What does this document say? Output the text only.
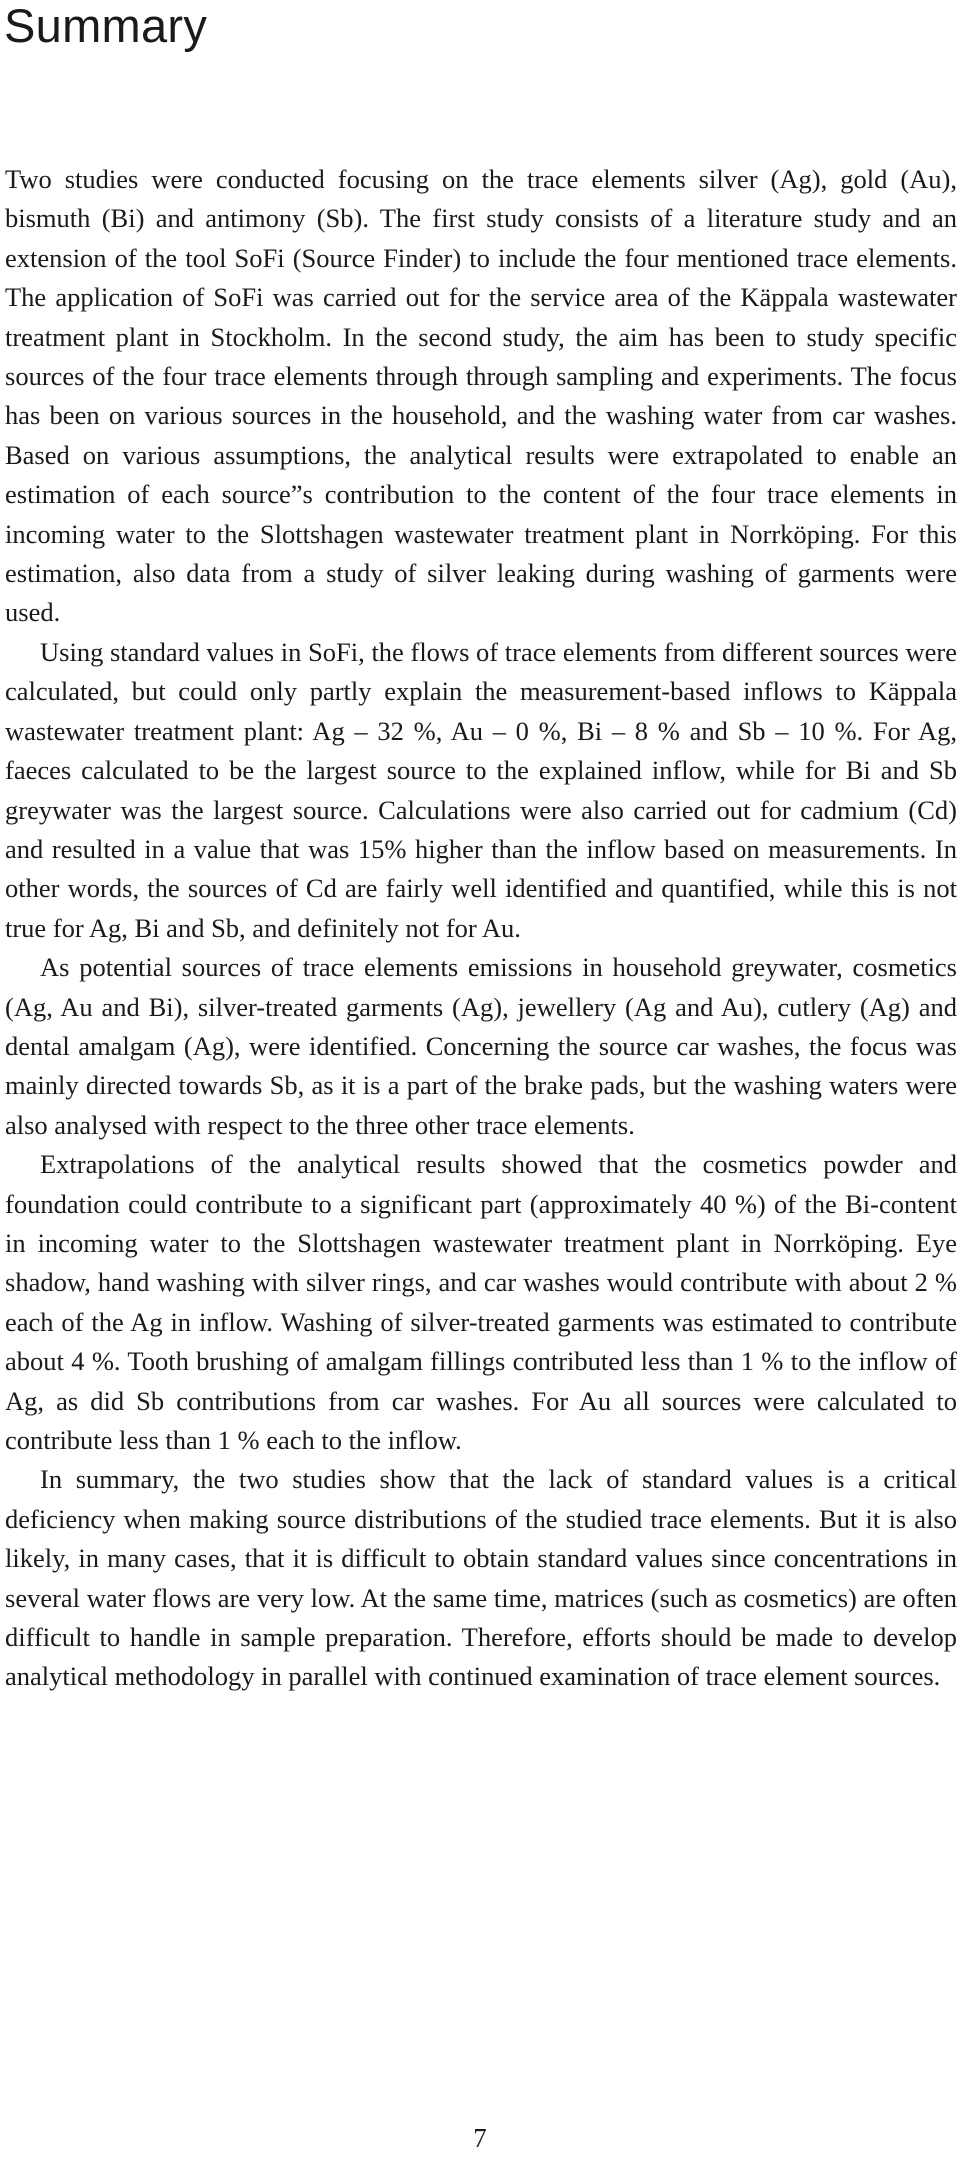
Summary

Two studies were conducted focusing on the trace elements silver (Ag), gold (Au), bismuth (Bi) and antimony (Sb). The first study consists of a literature study and an extension of the tool SoFi (Source Finder) to include the four mentioned trace elements. The application of SoFi was carried out for the service area of the Käppala wastewater treatment plant in Stockholm. In the second study, the aim has been to study specific sources of the four trace elements through through sampling and experiments. The focus has been on various sources in the household, and the washing water from car washes. Based on various assumptions, the analytical results were extrapolated to enable an estimation of each source”s contribution to the content of the four trace elements in incoming water to the Slottshagen wastewater treatment plant in Norrköping. For this estimation, also data from a study of silver leaking during washing of garments were used.

Using standard values in SoFi, the flows of trace elements from different sources were calculated, but could only partly explain the measurement-based inflows to Käppala wastewater treatment plant: Ag – 32 %, Au – 0 %, Bi – 8 % and Sb – 10 %. For Ag, faeces calculated to be the largest source to the explained inflow, while for Bi and Sb greywater was the largest source. Calculations were also carried out for cadmium (Cd) and resulted in a value that was 15% higher than the inflow based on measurements. In other words, the sources of Cd are fairly well identified and quantified, while this is not true for Ag, Bi and Sb, and definitely not for Au.

As potential sources of trace elements emissions in household greywater, cosmetics (Ag, Au and Bi), silver-treated garments (Ag), jewellery (Ag and Au), cutlery (Ag) and dental amalgam (Ag), were identified. Concerning the source car washes, the focus was mainly directed towards Sb, as it is a part of the brake pads, but the washing waters were also analysed with respect to the three other trace elements.

Extrapolations of the analytical results showed that the cosmetics powder and foundation could contribute to a significant part (approximately 40 %) of the Bi-content in incoming water to the Slottshagen wastewater treatment plant in Norrköping. Eye shadow, hand washing with silver rings, and car washes would contribute with about 2 % each of the Ag in inflow. Washing of silver-treated garments was estimated to contribute about 4 %. Tooth brushing of amalgam fillings contributed less than 1 % to the inflow of Ag, as did Sb contributions from car washes. For Au all sources were calculated to contribute less than 1 % each to the inflow.

In summary, the two studies show that the lack of standard values is a critical deficiency when making source distributions of the studied trace elements. But it is also likely, in many cases, that it is difficult to obtain standard values since concentrations in several water flows are very low. At the same time, matrices (such as cosmetics) are often difficult to handle in sample preparation. Therefore, efforts should be made to develop analytical methodology in parallel with continued examination of trace element sources.

7
